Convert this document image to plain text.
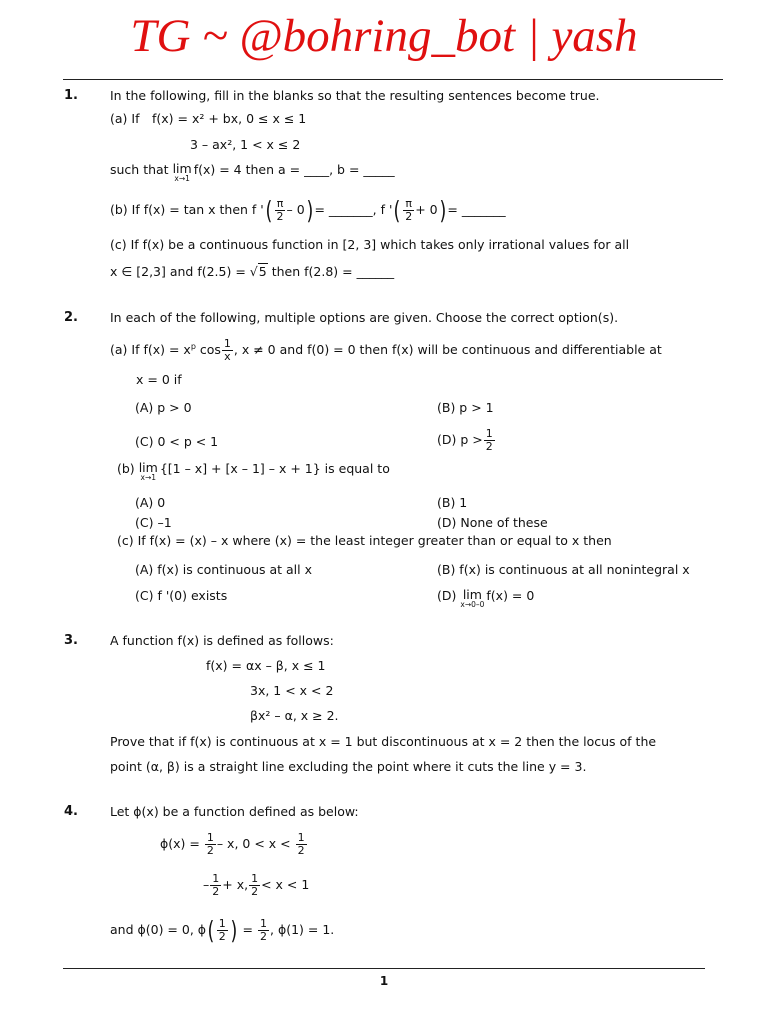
TG ~ @bohring_bot | yash
1.	In the following, fill in the blanks so that the resulting sentences become true.
(a) If f(x) = x² + bx, 0 ≤ x ≤ 1
3 – ax², 1 < x ≤ 2
such that lim
x→1
f(x) = 4 then a = ____, b = _____
(b) If f(x) = tan x then f '( $\frac{\pi}{2} - 0)=$ _______, f '( $\frac{\pi}{2} + 0)=$ _______
(c) If f(x) be a continuous function in [2, 3] which takes only irrational values for all
x ∈ [2,3] and f(2.5) = √5 then f(2.8) = ______
2.	In each of the following, multiple options are given. Choose the correct option(s).
(a) If $f(x) = x^p$ $\cos \frac{1}{x}$ , x ≠ 0 and f(0) = 0 then f(x) will be continuous and differentiable at
x = 0 if
(A) p > 0	(B) p > 1
(C) 0 < p < 1	(D) $p > \frac{1}{2}$
(b) lim
x→1
{[1 – x] + [x – 1] – x + 1} is equal to
(A) 0	(B) 1
(C) –1	(D) None of these
(c) If f(x) = (x) – x where (x) = the least integer greater than or equal to x then
(A) f(x) is continuous at all x	(B) f(x) is continuous at all nonintegral x
(C) f '(0) exists	(D) lim
x→0–0
f(x) = 0
3.	A function f(x) is defined as follows:
f(x) = αx – β, x ≤ 1
3x, 1 < x < 2
βx² – α, x ≥ 2.
Prove that if f(x) is continuous at x = 1 but discontinuous at x = 2 then the locus of the
point (α, β) is a straight line excluding the point where it cuts the line y = 3.
4.	Let ϕ(x) be a function defined as below:
$\phi(x) = \frac{1}{2} - x$, $0 < x < \frac{1}{2}$
– $\frac{1}{2} + x$, $\frac{1}{2} < x < 1$
and ϕ(0) = 0, $\phi( \frac{1}{2}$ ) = $\frac{1}{2}$ , ϕ(1) = 1.
1
